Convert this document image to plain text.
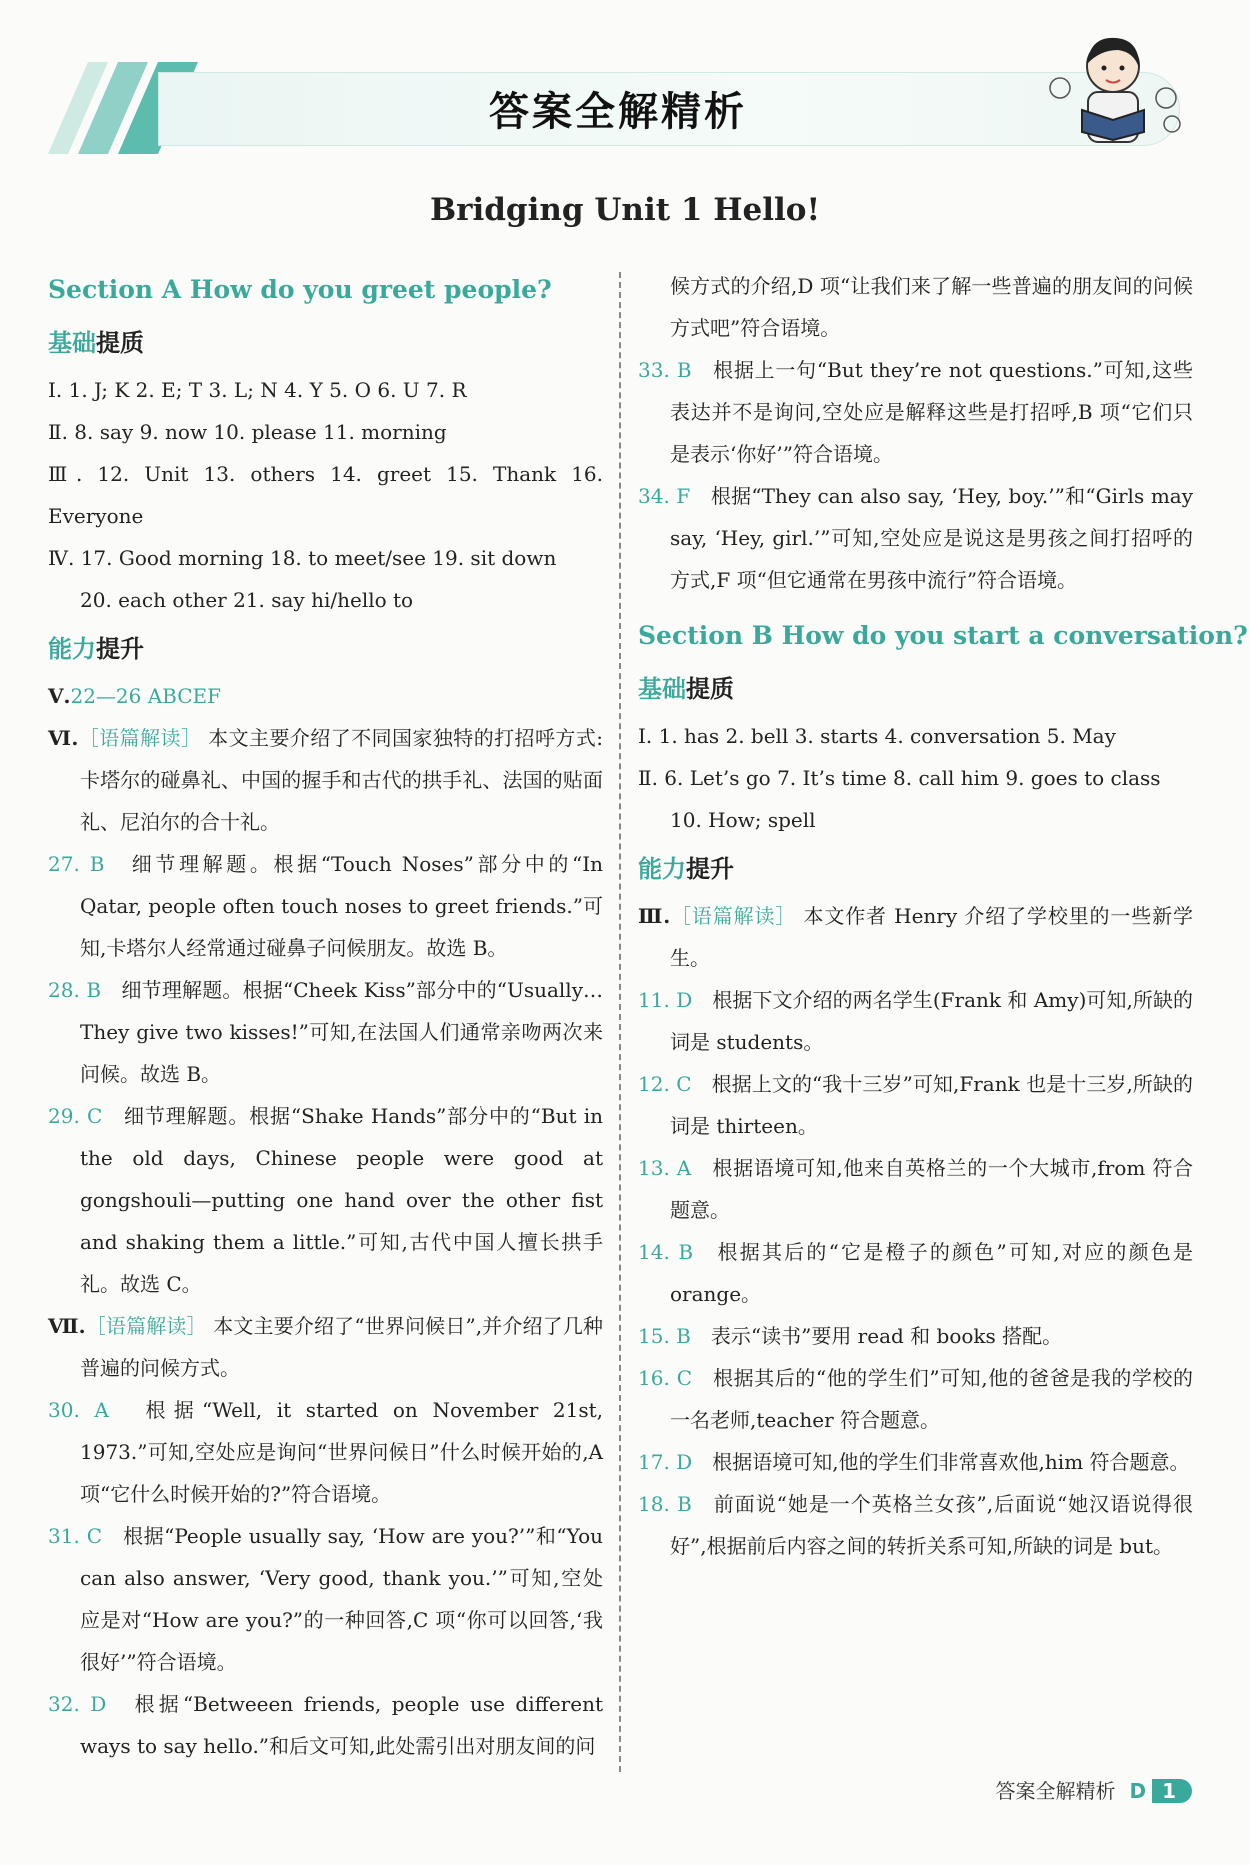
答案全解精析
Bridging Unit 1 Hello!
Section A How do you greet people?
基础提质

Ⅰ. 1. J; K 2. E; T 3. L; N 4. Y 5. O 6. U 7. R

Ⅱ. 8. say 9. now 10. please 11. morning

Ⅲ. 12. Unit 13. others 14. greet 15. Thank 16. Everyone

Ⅳ. 17. Good morning 18. to meet/see 19. sit down

20. each other 21. say hi/hello to

能力提升

Ⅴ.22—26 ABCEF

Ⅵ.［语篇解读］ 本文主要介绍了不同国家独特的打招呼方式:卡塔尔的碰鼻礼、中国的握手和古代的拱手礼、法国的贴面礼、尼泊尔的合十礼。

27. B　 细节理解题。根据“Touch Noses”部分中的“In Qatar, people often touch noses to greet friends.”可知,卡塔尔人经常通过碰鼻子问候朋友。故选 B。

28. B　 细节理解题。根据“Cheek Kiss”部分中的“Usually…They give two kisses!”可知,在法国人们通常亲吻两次来问候。故选 B。

29. C　 细节理解题。根据“Shake Hands”部分中的“But in the old days, Chinese people were good at gongshouli—putting one hand over the other fist and shaking them a little.”可知,古代中国人擅长拱手礼。故选 C。

Ⅶ.［语篇解读］ 本文主要介绍了“世界问候日”,并介绍了几种普遍的问候方式。

30. A　 根据“Well, it started on November 21st, 1973.”可知,空处应是询问“世界问候日”什么时候开始的,A 项“它什么时候开始的?”符合语境。

31. C　 根据“People usually say, ‘How are you?’”和“You can also answer, ‘Very good, thank you.’”可知,空处应是对“How are you?”的一种回答,C 项“你可以回答,‘我很好’”符合语境。

32. D　 根据“Betweeen friends, people use different ways to say hello.”和后文可知,此处需引出对朋友间的问

候方式的介绍,D 项“让我们来了解一些普遍的朋友间的问候方式吧”符合语境。

33. B　 根据上一句“But they’re not questions.”可知,这些表达并不是询问,空处应是解释这些是打招呼,B 项“它们只是表示‘你好’”符合语境。

34. F　 根据“They can also say, ‘Hey, boy.’”和“Girls may say, ‘Hey, girl.’”可知,空处应是说这是男孩之间打招呼的方式,F 项“但它通常在男孩中流行”符合语境。

Section B How do you start a conversation?
基础提质

Ⅰ. 1. has 2. bell 3. starts 4. conversation 5. May

Ⅱ. 6. Let’s go 7. It’s time 8. call him 9. goes to class

10. How; spell

能力提升

Ⅲ.［语篇解读］ 本文作者 Henry 介绍了学校里的一些新学生。

11. D　 根据下文介绍的两名学生(Frank 和 Amy)可知,所缺的词是 students。

12. C　 根据上文的“我十三岁”可知,Frank 也是十三岁,所缺的词是 thirteen。

13. A　 根据语境可知,他来自英格兰的一个大城市,from 符合题意。

14. B　 根据其后的“它是橙子的颜色”可知,对应的颜色是 orange。

15. B　 表示“读书”要用 read 和 books 搭配。

16. C　 根据其后的“他的学生们”可知,他的爸爸是我的学校的一名老师,teacher 符合题意。

17. D　 根据语境可知,他的学生们非常喜欢他,him 符合题意。

18. B　 前面说“她是一个英格兰女孩”,后面说“她汉语说得很好”,根据前后内容之间的转折关系可知,所缺的词是 but。

答案全解精析 D 1
